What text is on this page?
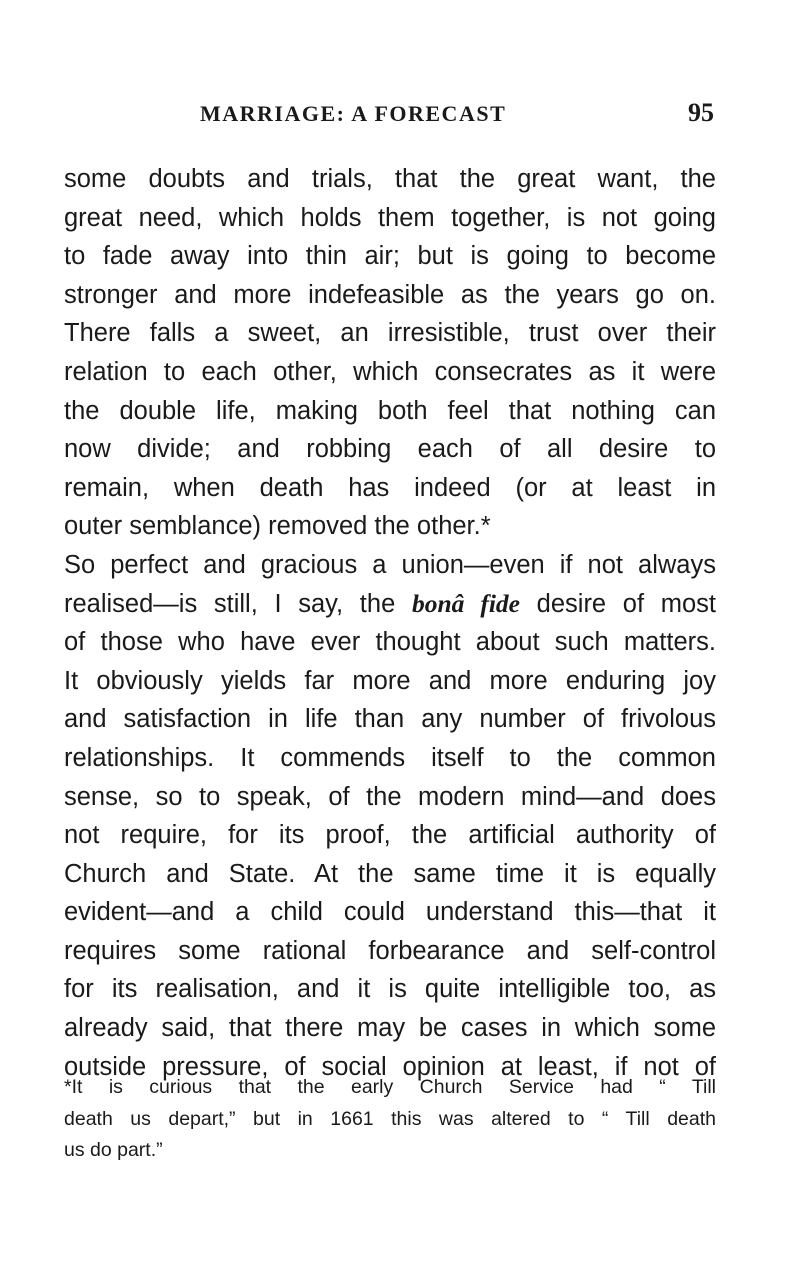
MARRIAGE: A FORECAST	95
some doubts and trials, that the great want, the
great need, which holds them together, is not going
to fade away into thin air; but is going to become
stronger and more indefeasible as the years go on.
There falls a sweet, an irresistible, trust over their
relation to each other, which consecrates as it were
the double life, making both feel that nothing can
now divide; and robbing each of all desire to
remain, when death has indeed (or at least in
outer semblance) removed the other.*
So perfect and gracious a union—even if not always
realised—is still, I say, the bonâ fide desire of most
of those who have ever thought about such matters.
It obviously yields far more and more enduring joy
and satisfaction in life than any number of frivolous
relationships. It commends itself to the common
sense, so to speak, of the modern mind—and does
not require, for its proof, the artificial authority of
Church and State. At the same time it is equally
evident—and a child could understand this—that it
requires some rational forbearance and self-control
for its realisation, and it is quite intelligible too, as
already said, that there may be cases in which some
outside pressure, of social opinion at least, if not of
*It is curious that the early Church Service had “ Till
death us depart,” but in 1661 this was altered to “ Till death
us do part.”
